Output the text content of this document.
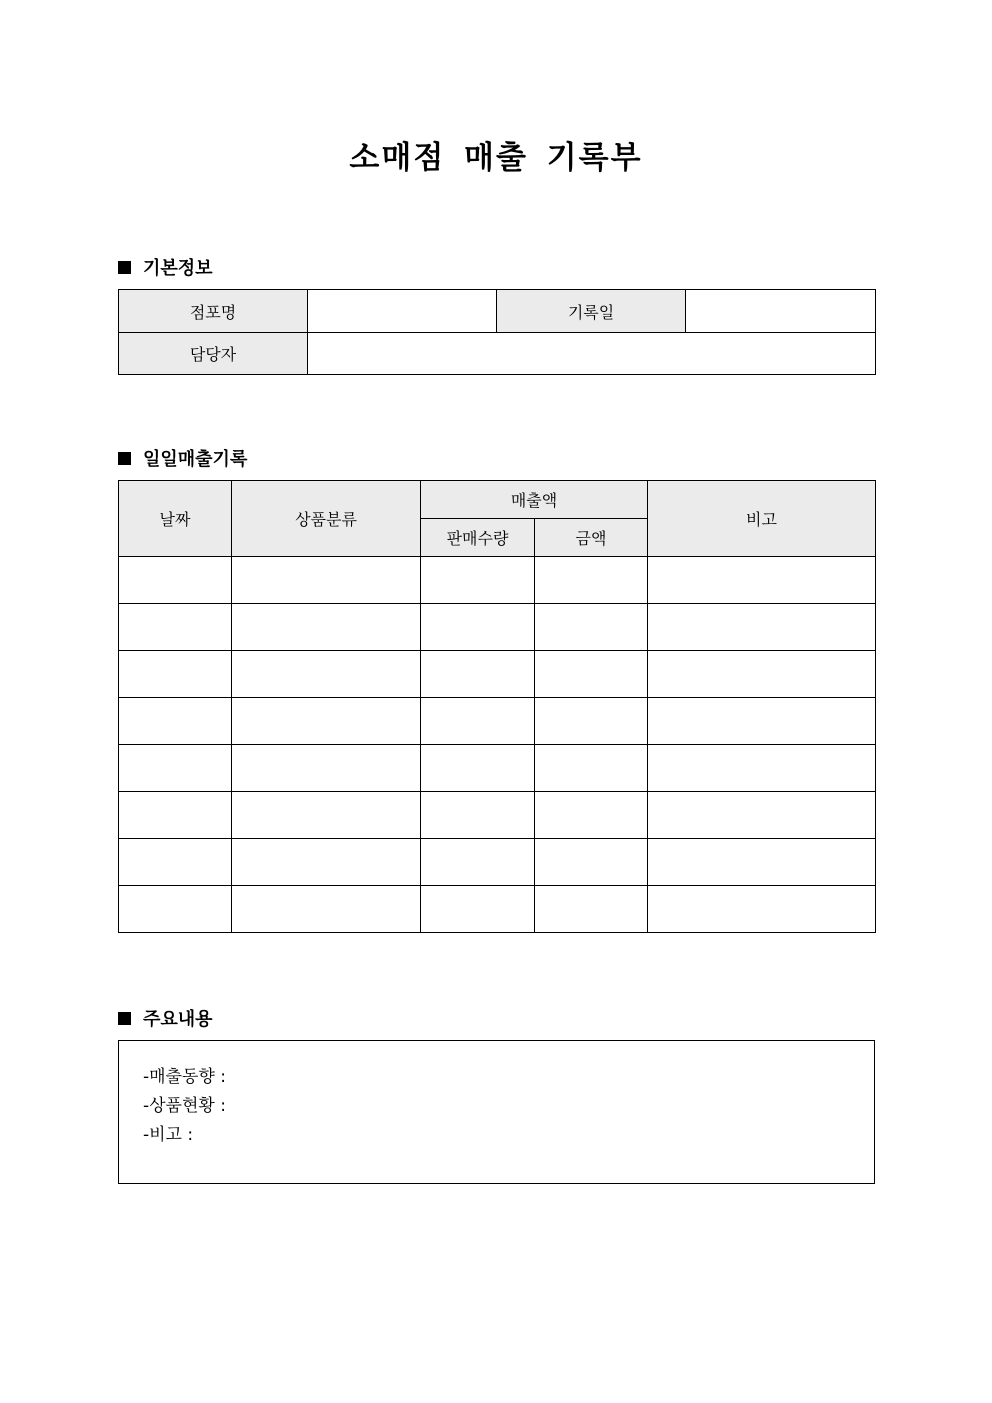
소매점 매출 기록부
기본정보
점포명		기록일	
담당자			
일일매출기록
날짜	상품분류	매출액		비고
		판매수량	금액	

주요내용
-매출동향 :
-상품현황 :
-비고 :
